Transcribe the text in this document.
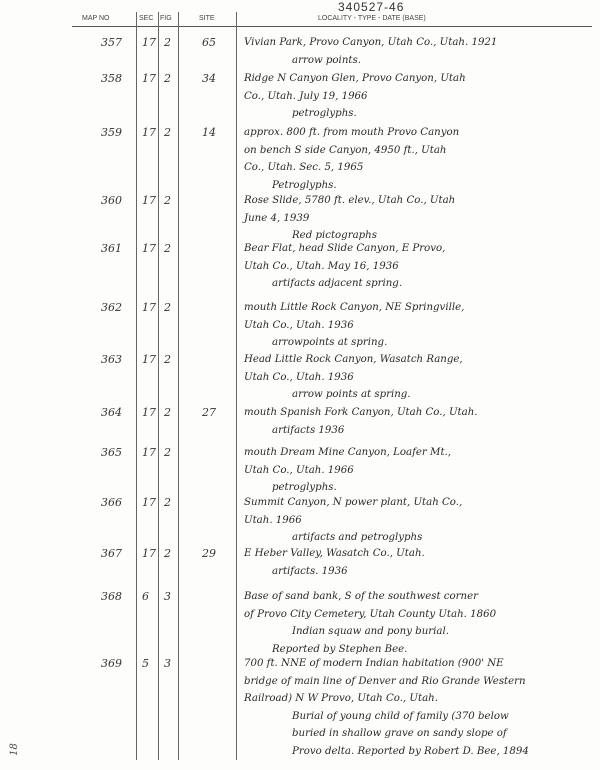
340527-46
MAP NO	SEC FIG	SITE	LOCALITY - TYPE - DATE (BASE)
357 17 2	65	Vivian Park, Provo Canyon, Utah Co., Utah. 1921
arrow points.
358 17 2	34	Ridge N Canyon Glen, Provo Canyon, Utah
Co., Utah. July 19, 1966
petroglyphs.
359 17 2	14	approx. 800 ft. from mouth Provo Canyon
on bench S side Canyon, 4950 ft., Utah
Co., Utah. Sec. 5, 1965
Petroglyphs.
360 17 2	Rose Slide, 5780 ft. elev., Utah Co., Utah
June 4, 1939
Red pictographs
361 17 2	Bear Flat, head Slide Canyon, E Provo,
Utah Co., Utah. May 16, 1936
artifacts adjacent spring.
362 17 2	mouth Little Rock Canyon, NE Springville,
Utah Co., Utah. 1936
arrowpoints at spring.
363 17 2	Head Little Rock Canyon, Wasatch Range,
Utah Co., Utah. 1936
arrow points at spring.
364 17 2	27	mouth Spanish Fork Canyon, Utah Co., Utah.
artifacts 1936
365 17 2	mouth Dream Mine Canyon, Loafer Mt.,
Utah Co., Utah. 1966
petroglyphs.
366 17 2	Summit Canyon, N power plant, Utah Co.,
Utah. 1966
artifacts and petroglyphs
367 17 2	29	E Heber Valley, Wasatch Co., Utah.
artifacts. 1936
368 6 3	Base of sand bank, S of the southwest corner
of Provo City Cemetery, Utah County Utah. 1860
Indian squaw and pony burial.
Reported by Stephen Bee.
369 5 3	700 ft. NNE of modern Indian habitation (900' NE
bridge of main line of Denver and Rio Grande Western
Railroad) N W Provo, Utah Co., Utah.
Burial of young child of family (370 below
buried in shallow grave on sandy slope of
Provo delta. Reported by Robert D. Bee, 1894
18
